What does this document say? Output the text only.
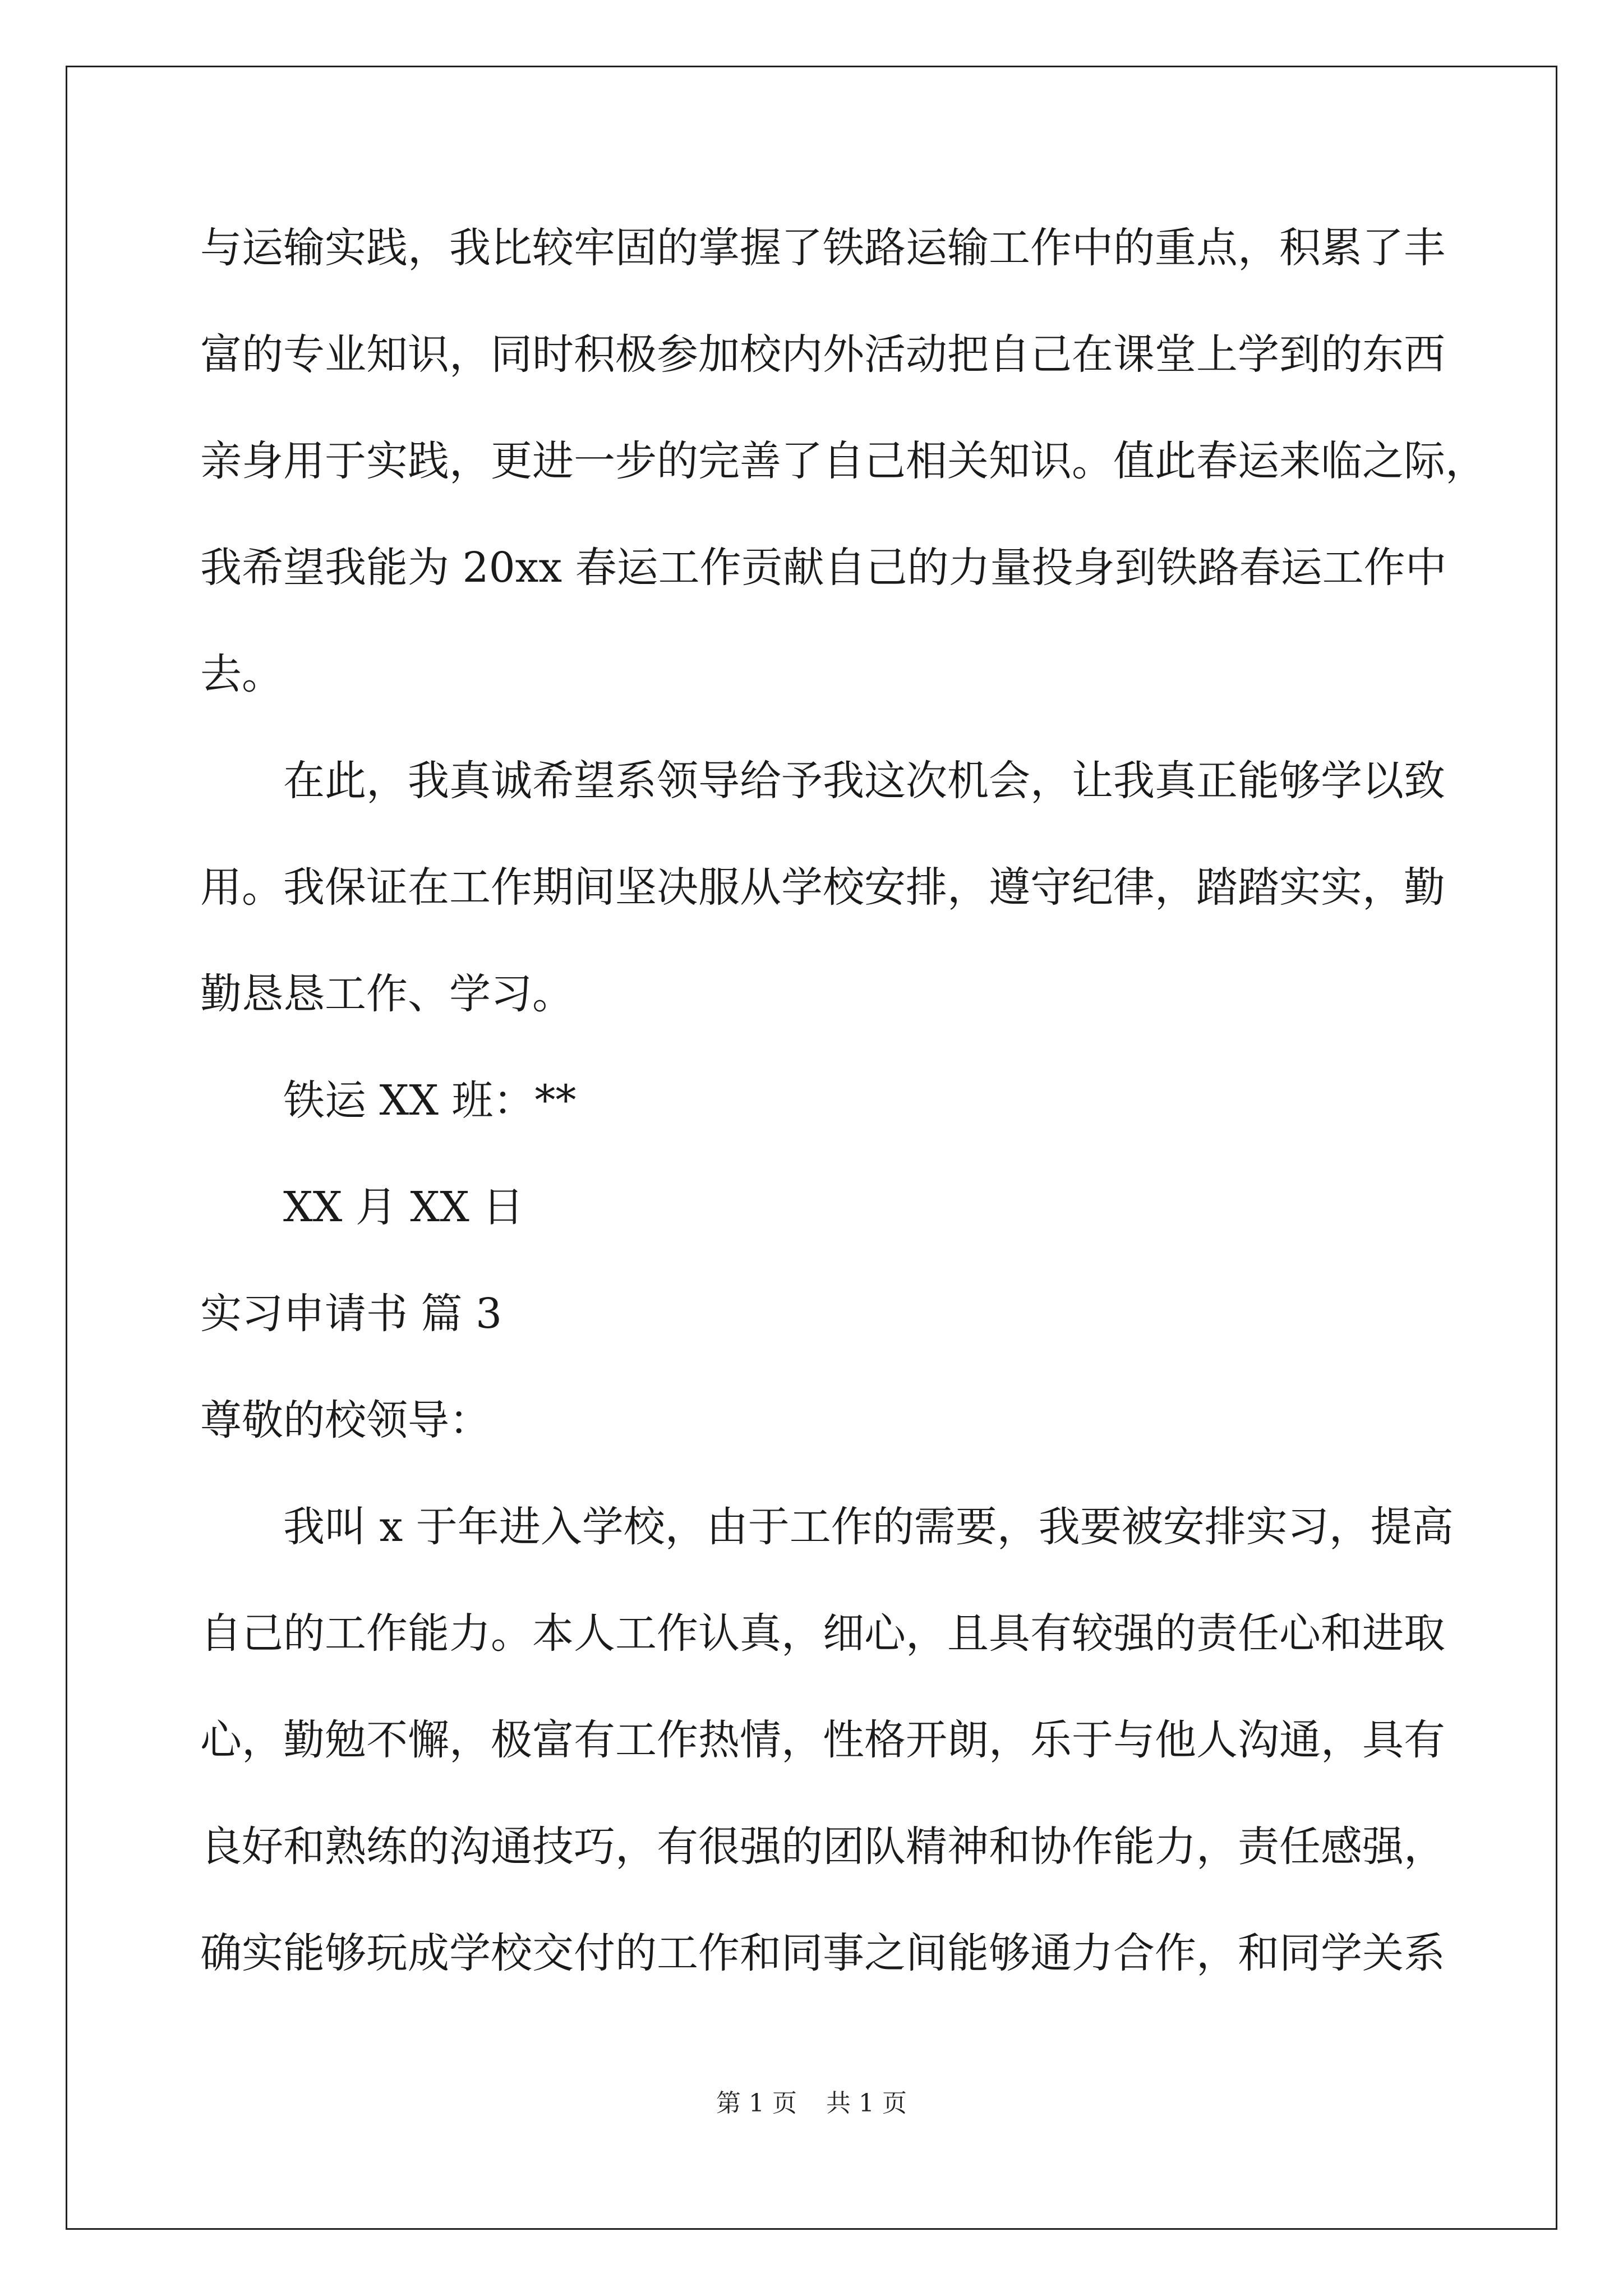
与运输实践，我比较牢固的掌握了铁路运输工作中的重点，积累了丰
富的专业知识，同时积极参加校内外活动把自己在课堂上学到的东西
亲身用于实践，更进一步的完善了自己相关知识。值此春运来临之际，
我希望我能为 20xx 春运工作贡献自己的力量投身到铁路春运工作中
去。
在此，我真诚希望系领导给予我这次机会，让我真正能够学以致
用。我保证在工作期间坚决服从学校安排，遵守纪律，踏踏实实，勤
勤恳恳工作、学习。
铁运 XX 班：**
XX 月 XX 日
实习申请书 篇 3
尊敬的校领导：
我叫 x 于年进入学校，由于工作的需要，我要被安排实习，提高
自己的工作能力。本人工作认真，细心，且具有较强的责任心和进取
心，勤勉不懈，极富有工作热情，性格开朗，乐于与他人沟通，具有
良好和熟练的沟通技巧，有很强的团队精神和协作能力，责任感强，
确实能够玩成学校交付的工作和同事之间能够通力合作，和同学关系
第 1 页 共 1 页
